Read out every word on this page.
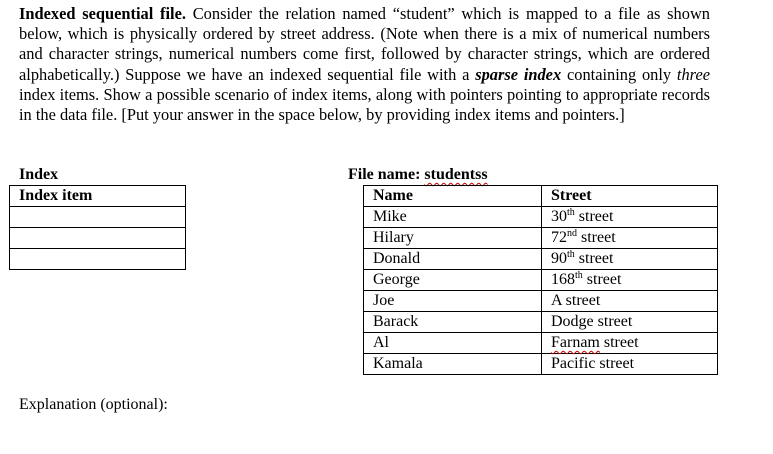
Indexed sequential file. Consider the relation named “student” which is mapped to a file as shown below, which is physically ordered by street address. (Note when there is a mix of numerical numbers and character strings, numerical numbers come first, followed by character strings, which are ordered alphabetically.) Suppose we have an indexed sequential file with a sparse index containing only three index items. Show a possible scenario of index items, along with pointers pointing to appropriate records in the data file. [Put your answer in the space below, by providing index items and pointers.]
Index
Index item

File name: studentss
Name	Street
Mike	30th street
Hilary	72nd street
Donald	90th street
George	168th street
Joe	A street
Barack	Dodge street
Al	Farnam street
Kamala	Pacific street
Explanation (optional):
